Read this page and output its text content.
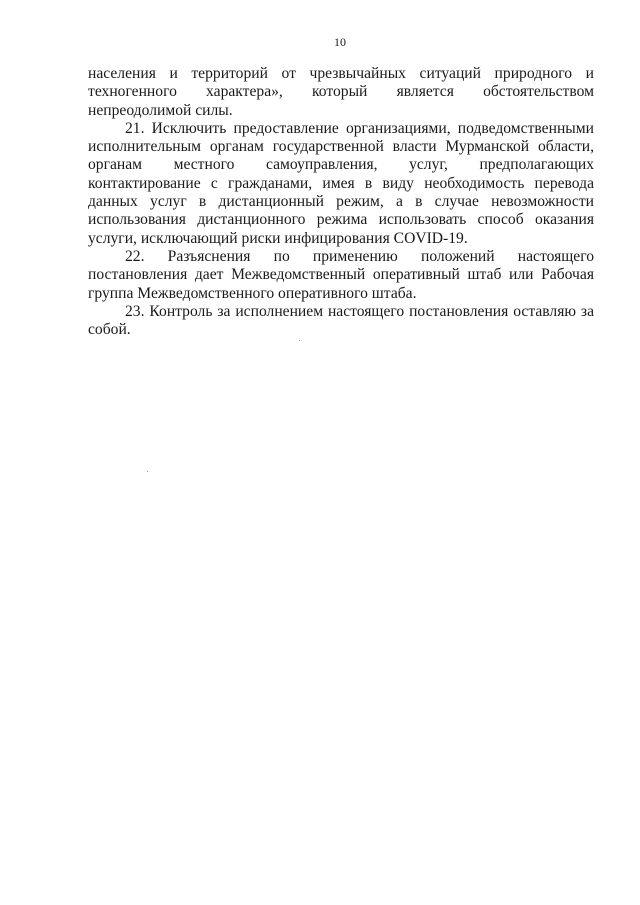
10

населения и территорий от чрезвычайных ситуаций природного и техногенного характера», который является обстоятельством непреодолимой силы.

21. Исключить предоставление организациями, подведомственными исполнительным органам государственной власти Мурманской области, органам местного самоуправления, услуг, предполагающих контактирование с гражданами, имея в виду необходимость перевода данных услуг в дистанционный режим, а в случае невозможности использования дистанционного режима использовать способ оказания услуги, исключающий риски инфицирования COVID-19.

22. Разъяснения по применению положений настоящего постановления дает Межведомственный оперативный штаб или Рабочая группа Межведомственного оперативного штаба.

23. Контроль за исполнением настоящего постановления оставляю за собой.
